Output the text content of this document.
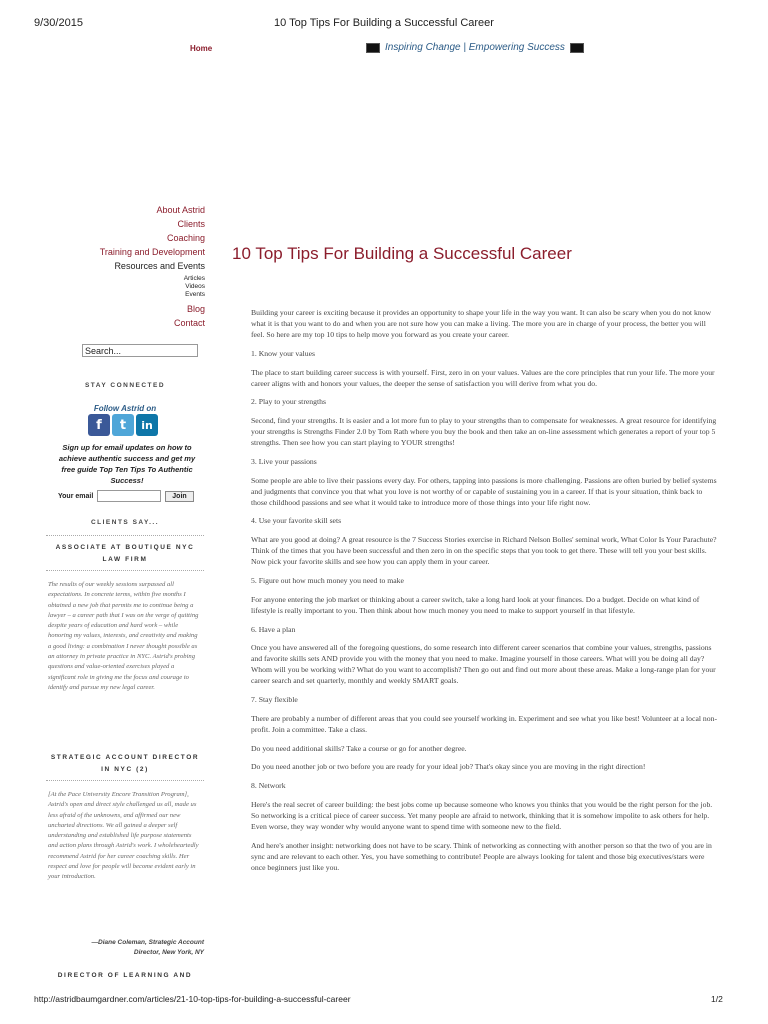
9/30/2015	10 Top Tips For Building a Successful Career
Home	Inspiring Change | Empowering Success
About Astrid
Clients
Coaching
Training and Development
Resources and Events
Articles
Videos
Events
Blog
Contact
Search...
STAY CONNECTED
Follow Astrid on
f	t	in
Sign up for email updates on how to achieve authentic success and get my free guide Top Ten Tips To Authentic Success!
Your email	Join
CLIENTS SAY...
ASSOCIATE AT BOUTIQUE NYC LAW FIRM
The results of our weekly sessions surpassed all expectations. In concrete terms, within five months I obtained a new job that permits me to continue being a lawyer – a career path that I was on the verge of quitting despite years of education and hard work – while honoring my values, interests, and creativity and making a good living: a combination I never thought possible as an attorney in private practice in NYC. Astrid's probing questions and value-oriented exercises played a significant role in giving me the focus and courage to identify and pursue my new legal career.
STRATEGIC ACCOUNT DIRECTOR IN NYC (2)
[At the Pace University Encore Transition Program], Astrid's open and direct style challenged us all, made us less afraid of the unknowns, and affirmed our new uncharted directions. We all gained a deeper self understanding and established life purpose statements and action plans through Astrid's work. I wholeheartedly recommend Astrid for her career coaching skills. Her respect and love for people will become evident early in your introduction.
—Diane Coleman, Strategic Account
Director, New York, NY
DIRECTOR OF LEARNING AND
10 Top Tips For Building a Successful Career

Building your career is exciting because it provides an opportunity to shape your life in the way you want. It can also be scary when you do not know what it is that you want to do and when you are not sure how you can make a living. The more you are in charge of your process, the better you will feel. So here are my top 10 tips to help move you forward as you create your career.

1. Know your values

The place to start building career success is with yourself. First, zero in on your values. Values are the core principles that run your life. The more your career aligns with and honors your values, the deeper the sense of satisfaction you will derive from what you do.

2. Play to your strengths

Second, find your strengths. It is easier and a lot more fun to play to your strengths than to compensate for weaknesses. A great resource for identifying your strengths is Strengths Finder 2.0 by Tom Rath where you buy the book and then take an on-line assessment which generates a report of your top 5 strengths. Then see how you can start playing to YOUR strengths!

3. Live your passions

Some people are able to live their passions every day. For others, tapping into passions is more challenging. Passions are often buried by belief systems and judgments that convince you that what you love is not worthy of or capable of sustaining you in a career. If that is your situation, think back to those childhood passions and see what it would take to introduce more of those things into your life right now.

4. Use your favorite skill sets

What are you good at doing? A great resource is the 7 Success Stories exercise in Richard Nelson Bolles' seminal work, What Color Is Your Parachute? Think of the times that you have been successful and then zero in on the specific steps that you took to get there. These will tell you your best skills. Now pick your favorite skills and see how you can apply them in your career.

5. Figure out how much money you need to make

For anyone entering the job market or thinking about a career switch, take a long hard look at your finances. Do a budget. Decide on what kind of lifestyle is really important to you. Then think about how much money you need to make to support yourself in that lifestyle.

6. Have a plan

Once you have answered all of the foregoing questions, do some research into different career scenarios that combine your values, strengths, passions and favorite skills sets AND provide you with the money that you need to make. Imagine yourself in those careers. What will you be doing all day? Whom will you be working with? What do you want to accomplish? Then go out and find out more about these areas. Make a long-range plan for your career search and set quarterly, monthly and weekly SMART goals.

7. Stay flexible

There are probably a number of different areas that you could see yourself working in. Experiment and see what you like best! Volunteer at a local non-profit. Join a committee. Take a class.

Do you need additional skills? Take a course or go for another degree.

Do you need another job or two before you are ready for your ideal job? That's okay since you are moving in the right direction!

8. Network

Here's the real secret of career building: the best jobs come up because someone who knows you thinks that you would be the right person for the job. So networking is a critical piece of career success. Yet many people are afraid to network, thinking that it is somehow impolite to ask others for help. Even worse, they way wonder why would anyone want to spend time with someone new to the field.

And here's another insight: networking does not have to be scary. Think of networking as connecting with another person so that the two of you are in sync and are relevant to each other. Yes, you have something to contribute! People are always looking for talent and those big executives/stars were once beginners just like you.

http://astridbaumgardner.com/articles/21-10-top-tips-for-building-a-successful-career	1/2
